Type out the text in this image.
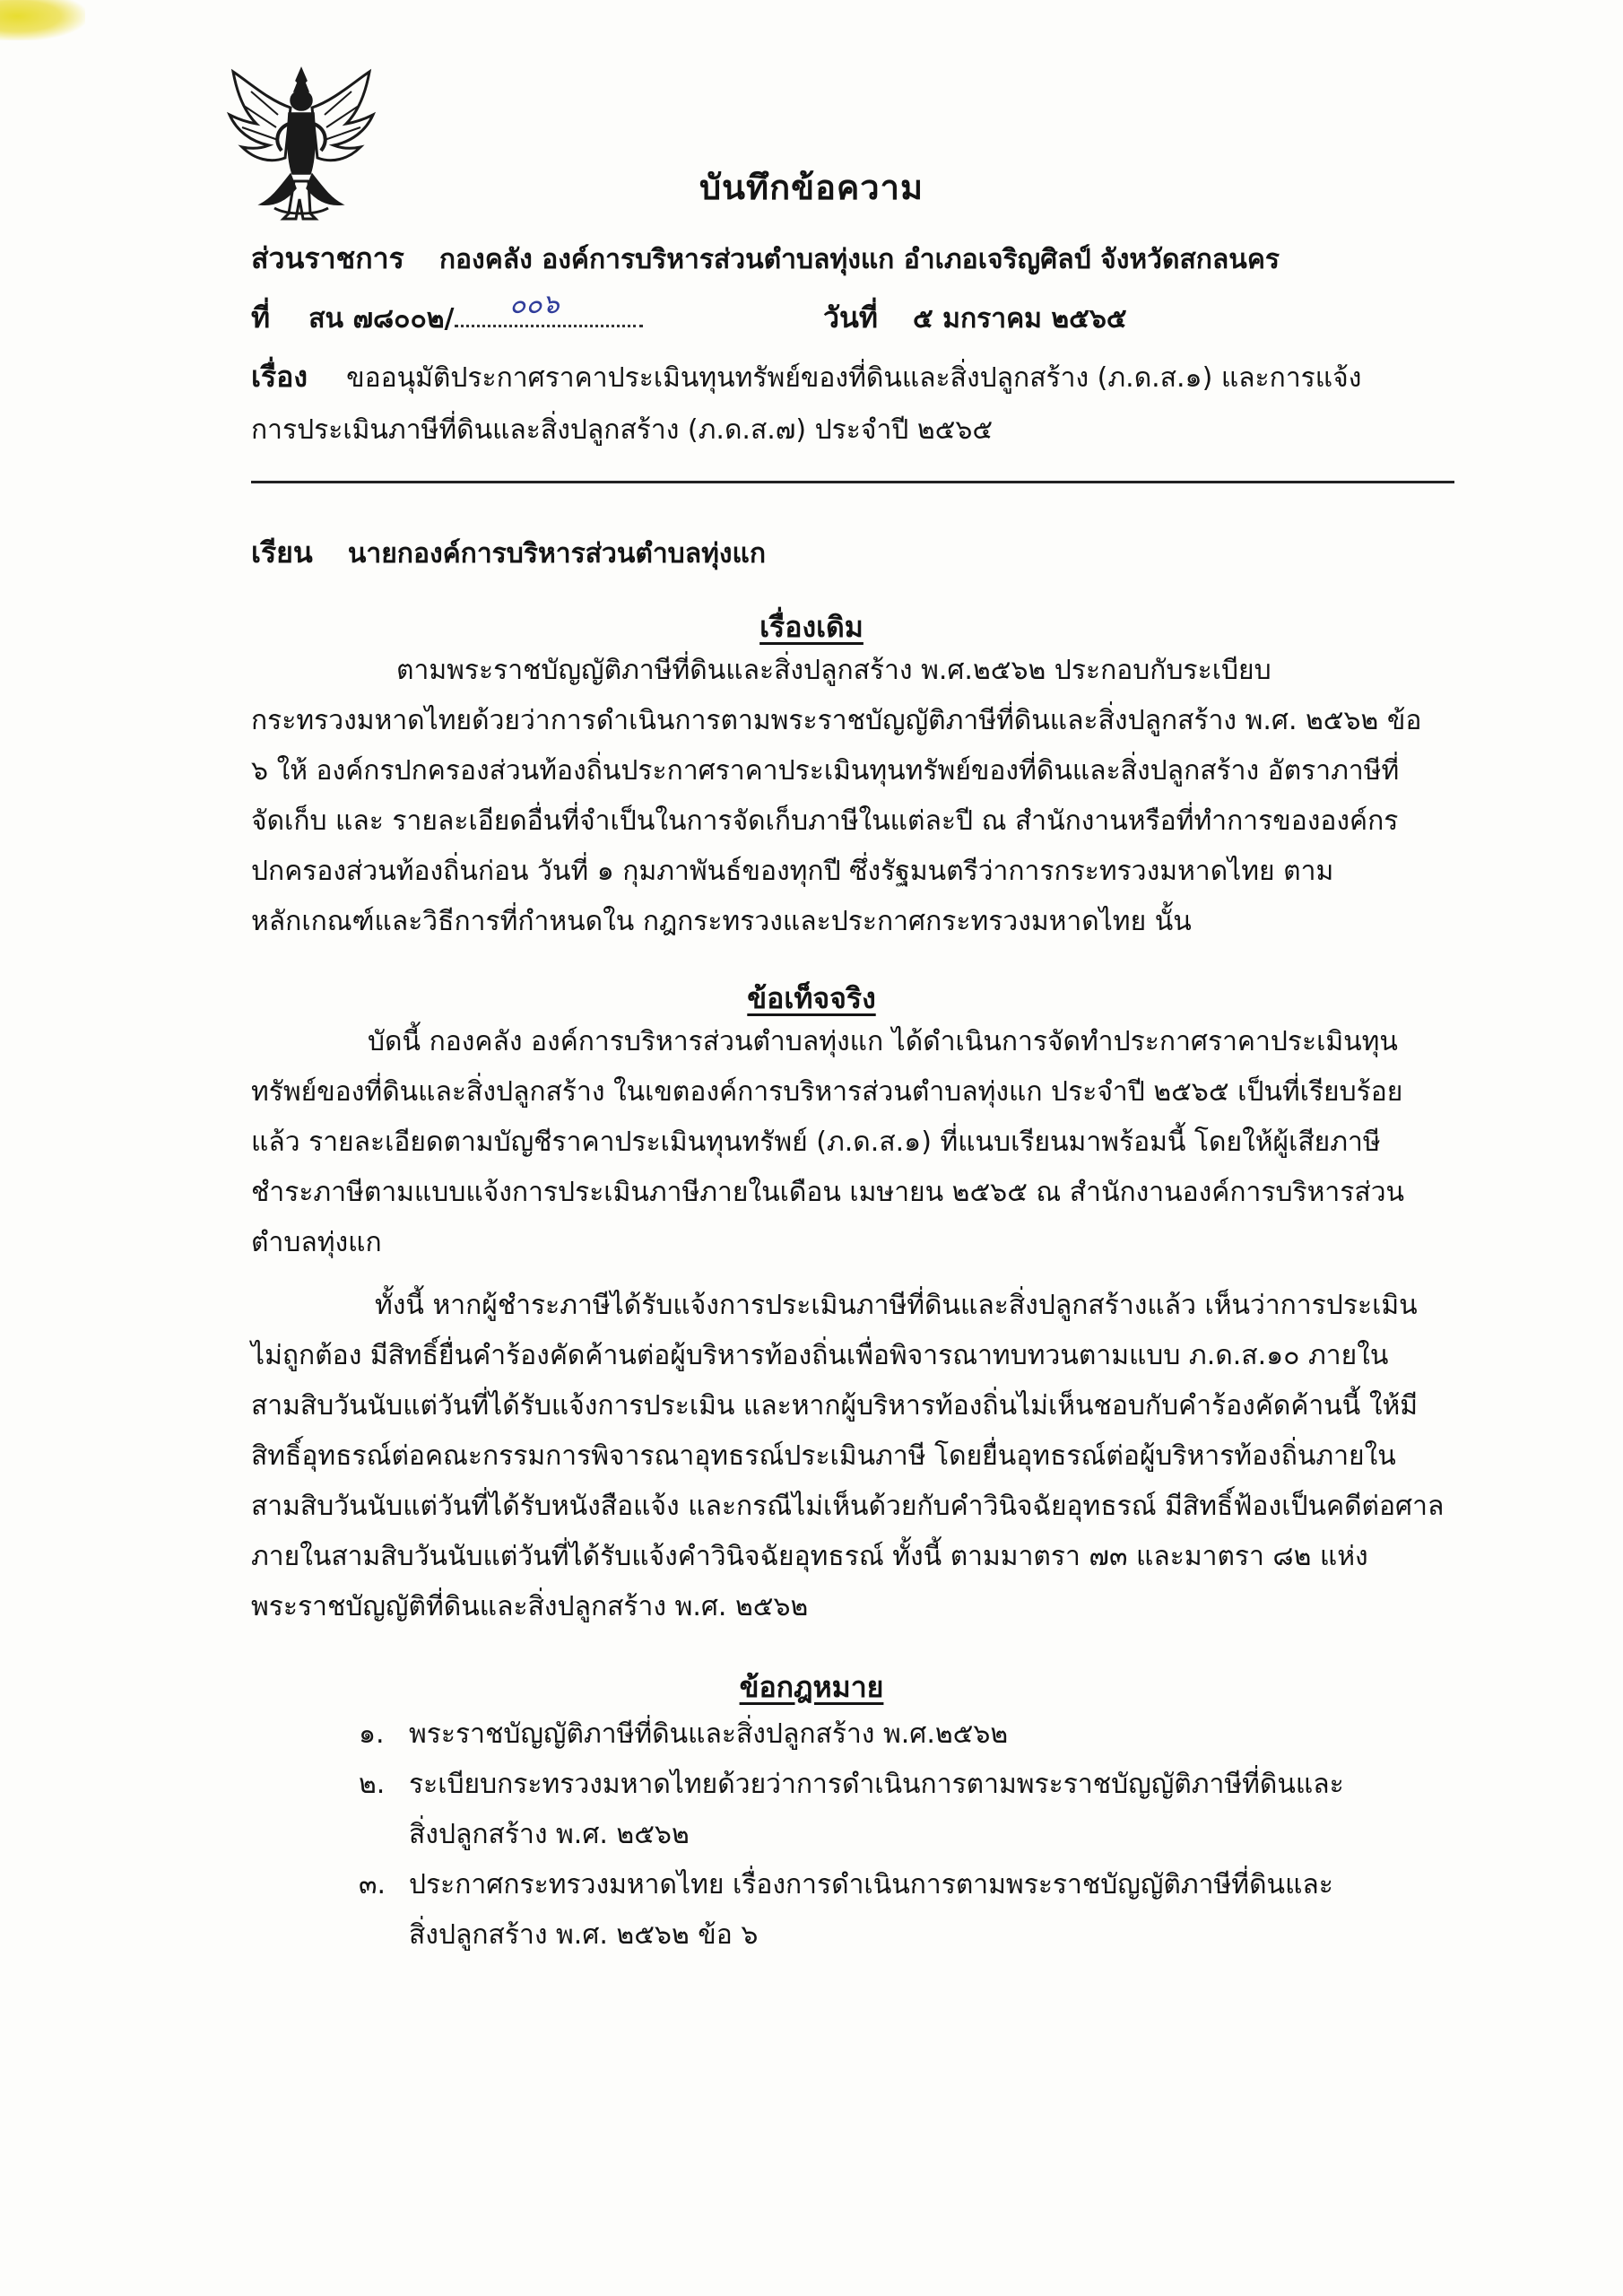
บันทึกข้อความ
ส่วนราชการ กองคลัง องค์การบริหารส่วนตำบลทุ่งแก อำเภอเจริญศิลป์ จังหวัดสกลนคร
ที่ สน ๗๘๐๐๒/	๐๐๖	วันที่ ๕ มกราคม ๒๕๖๕
เรื่อง ขออนุมัติประกาศราคาประเมินทุนทรัพย์ของที่ดินและสิ่งปลูกสร้าง (ภ.ด.ส.๑) และการแจ้ง
การประเมินภาษีที่ดินและสิ่งปลูกสร้าง (ภ.ด.ส.๗) ประจำปี ๒๕๖๕
เรียน นายกองค์การบริหารส่วนตำบลทุ่งแก
เรื่องเดิม
ตามพระราชบัญญัติภาษีที่ดินและสิ่งปลูกสร้าง พ.ศ.๒๕๖๒ ประกอบกับระเบียบ
กระทรวงมหาดไทยด้วยว่าการดำเนินการตามพระราชบัญญัติภาษีที่ดินและสิ่งปลูกสร้าง พ.ศ. ๒๕๖๒ ข้อ
๖ ให้ องค์กรปกครองส่วนท้องถิ่นประกาศราคาประเมินทุนทรัพย์ของที่ดินและสิ่งปลูกสร้าง อัตราภาษีที่
จัดเก็บ และ รายละเอียดอื่นที่จำเป็นในการจัดเก็บภาษีในแต่ละปี ณ สำนักงานหรือที่ทำการขององค์กร
ปกครองส่วนท้องถิ่นก่อน วันที่ ๑ กุมภาพันธ์ของทุกปี ซึ่งรัฐมนตรีว่าการกระทรวงมหาดไทย ตาม
หลักเกณฑ์และวิธีการที่กำหนดใน กฎกระทรวงและประกาศกระทรวงมหาดไทย นั้น
ข้อเท็จจริง
บัดนี้ กองคลัง องค์การบริหารส่วนตำบลทุ่งแก ได้ดำเนินการจัดทำประกาศราคาประเมินทุน
ทรัพย์ของที่ดินและสิ่งปลูกสร้าง ในเขตองค์การบริหารส่วนตำบลทุ่งแก ประจำปี ๒๕๖๕ เป็นที่เรียบร้อย
แล้ว รายละเอียดตามบัญชีราคาประเมินทุนทรัพย์ (ภ.ด.ส.๑) ที่แนบเรียนมาพร้อมนี้ โดยให้ผู้เสียภาษี
ชำระภาษีตามแบบแจ้งการประเมินภาษีภายในเดือน เมษายน ๒๕๖๕ ณ สำนักงานองค์การบริหารส่วน
ตำบลทุ่งแก
ทั้งนี้ หากผู้ชำระภาษีได้รับแจ้งการประเมินภาษีที่ดินและสิ่งปลูกสร้างแล้ว เห็นว่าการประเมิน
ไม่ถูกต้อง มีสิทธิ์ยื่นคำร้องคัดค้านต่อผู้บริหารท้องถิ่นเพื่อพิจารณาทบทวนตามแบบ ภ.ด.ส.๑๐ ภายใน
สามสิบวันนับแต่วันที่ได้รับแจ้งการประเมิน และหากผู้บริหารท้องถิ่นไม่เห็นชอบกับคำร้องคัดค้านนี้ ให้มี
สิทธิ์อุทธรณ์ต่อคณะกรรมการพิจารณาอุทธรณ์ประเมินภาษี โดยยื่นอุทธรณ์ต่อผู้บริหารท้องถิ่นภายใน
สามสิบวันนับแต่วันที่ได้รับหนังสือแจ้ง และกรณีไม่เห็นด้วยกับคำวินิจฉัยอุทธรณ์ มีสิทธิ์ฟ้องเป็นคดีต่อศาล
ภายในสามสิบวันนับแต่วันที่ได้รับแจ้งคำวินิจฉัยอุทธรณ์ ทั้งนี้ ตามมาตรา ๗๓ และมาตรา ๘๒ แห่ง
พระราชบัญญัติที่ดินและสิ่งปลูกสร้าง พ.ศ. ๒๕๖๒
ข้อกฎหมาย
๑. พระราชบัญญัติภาษีที่ดินและสิ่งปลูกสร้าง พ.ศ.๒๕๖๒
๒. ระเบียบกระทรวงมหาดไทยด้วยว่าการดำเนินการตามพระราชบัญญัติภาษีที่ดินและ
สิ่งปลูกสร้าง พ.ศ. ๒๕๖๒
๓. ประกาศกระทรวงมหาดไทย เรื่องการดำเนินการตามพระราชบัญญัติภาษีที่ดินและ
สิ่งปลูกสร้าง พ.ศ. ๒๕๖๒ ข้อ ๖
